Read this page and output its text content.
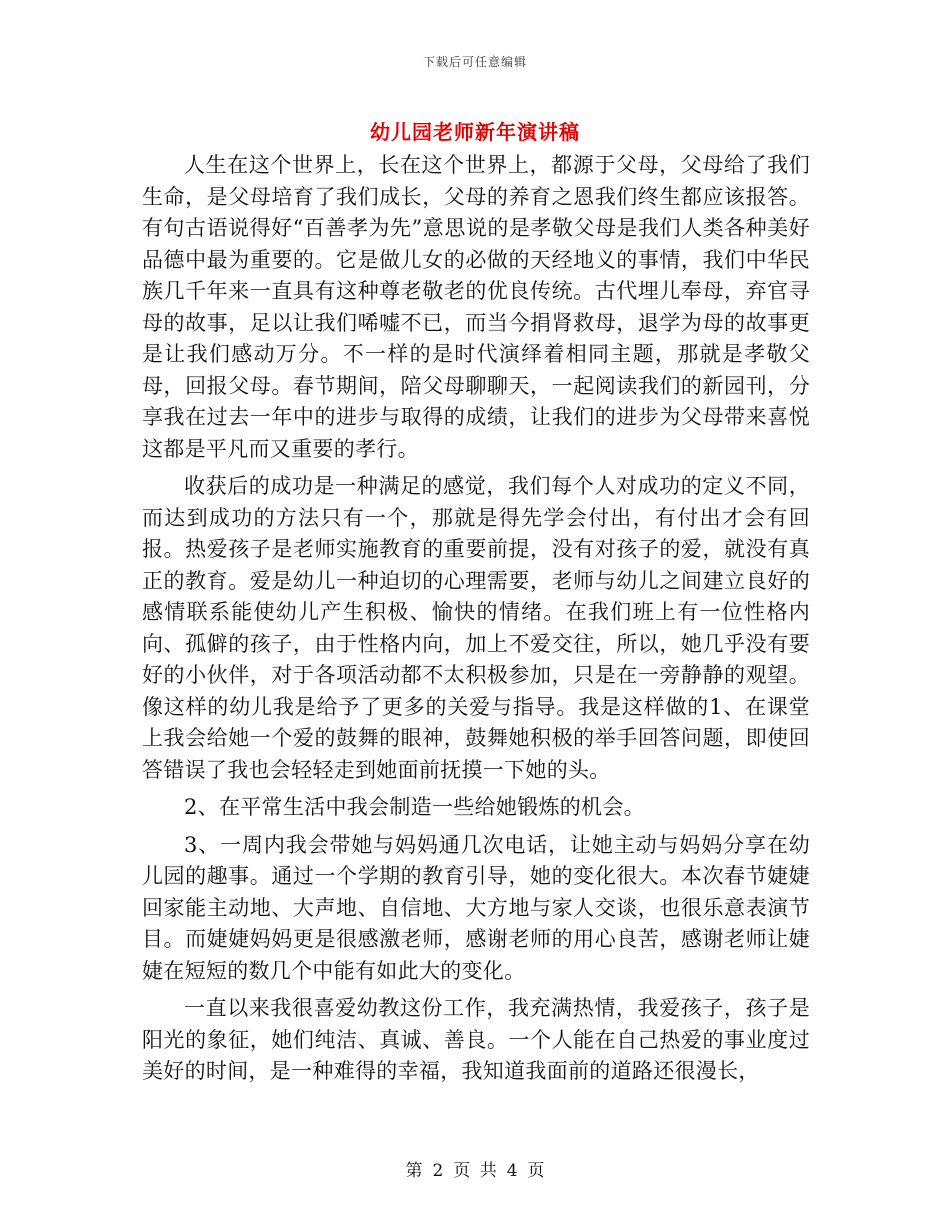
下载后可任意编辑
幼儿园老师新年演讲稿

人生在这个世界上，长在这个世界上，都源于父母，父母给了我们生命，是父母培育了我们成长，父母的养育之恩我们终生都应该报答。有句古语说得好“百善孝为先”意思说的是孝敬父母是我们人类各种美好品德中最为重要的。它是做儿女的必做的天经地义的事情，我们中华民族几千年来一直具有这种尊老敬老的优良传统。古代埋儿奉母，弃官寻母的故事，足以让我们唏嘘不已，而当今捐肾救母，退学为母的故事更是让我们感动万分。不一样的是时代演绎着相同主题，那就是孝敬父母，回报父母。春节期间，陪父母聊聊天，一起阅读我们的新园刊，分享我在过去一年中的进步与取得的成绩，让我们的进步为父母带来喜悦这都是平凡而又重要的孝行。

收获后的成功是一种满足的感觉，我们每个人对成功的定义不同，而达到成功的方法只有一个，那就是得先学会付出，有付出才会有回报。热爱孩子是老师实施教育的重要前提，没有对孩子的爱，就没有真正的教育。爱是幼儿一种迫切的心理需要，老师与幼儿之间建立良好的感情联系能使幼儿产生积极、愉快的情绪。在我们班上有一位性格内向、孤僻的孩子，由于性格内向，加上不爱交往，所以，她几乎没有要好的小伙伴，对于各项活动都不太积极参加，只是在一旁静静的观望。像这样的幼儿我是给予了更多的关爱与指导。我是这样做的1、在课堂上我会给她一个爱的鼓舞的眼神，鼓舞她积极的举手回答问题，即使回答错误了我也会轻轻走到她面前抚摸一下她的头。

2、在平常生活中我会制造一些给她锻炼的机会。

3、一周内我会带她与妈妈通几次电话，让她主动与妈妈分享在幼儿园的趣事。通过一个学期的教育引导，她的变化很大。本次春节婕婕回家能主动地、大声地、自信地、大方地与家人交谈，也很乐意表演节目。而婕婕妈妈更是很感激老师，感谢老师的用心良苦，感谢老师让婕婕在短短的数几个中能有如此大的变化。

一直以来我很喜爱幼教这份工作，我充满热情，我爱孩子，孩子是阳光的象征，她们纯洁、真诚、善良。一个人能在自己热爱的事业度过美好的时间，是一种难得的幸福，我知道我面前的道路还很漫长，

第 2 页 共 4 页
